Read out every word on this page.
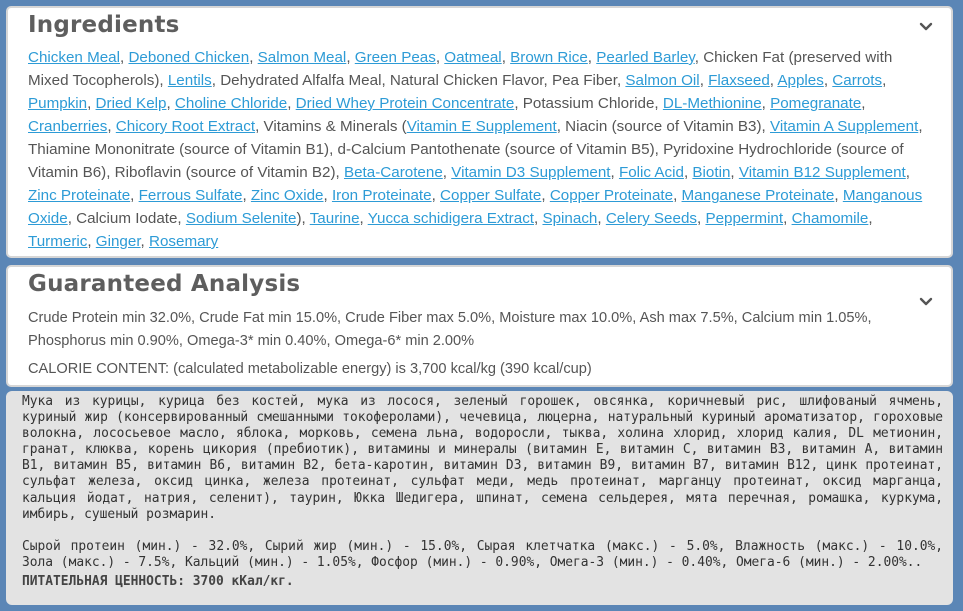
Ingredients
Chicken Meal, Deboned Chicken, Salmon Meal, Green Peas, Oatmeal, Brown Rice, Pearled Barley, Chicken Fat (preserved with Mixed Tocopherols), Lentils, Dehydrated Alfalfa Meal, Natural Chicken Flavor, Pea Fiber, Salmon Oil, Flaxseed, Apples, Carrots, Pumpkin, Dried Kelp, Choline Chloride, Dried Whey Protein Concentrate, Potassium Chloride, DL-Methionine, Pomegranate, Cranberries, Chicory Root Extract, Vitamins & Minerals (Vitamin E Supplement, Niacin (source of Vitamin B3), Vitamin A Supplement, Thiamine Mononitrate (source of Vitamin B1), d-Calcium Pantothenate (source of Vitamin B5), Pyridoxine Hydrochloride (source of Vitamin B6), Riboflavin (source of Vitamin B2), Beta-Carotene, Vitamin D3 Supplement, Folic Acid, Biotin, Vitamin B12 Supplement, Zinc Proteinate, Ferrous Sulfate, Zinc Oxide, Iron Proteinate, Copper Sulfate, Copper Proteinate, Manganese Proteinate, Manganous Oxide, Calcium Iodate, Sodium Selenite), Taurine, Yucca schidigera Extract, Spinach, Celery Seeds, Peppermint, Chamomile, Turmeric, Ginger, Rosemary
Guaranteed Analysis
Crude Protein min 32.0%, Crude Fat min 15.0%, Crude Fiber max 5.0%, Moisture max 10.0%, Ash max 7.5%, Calcium min 1.05%, Phosphorus min 0.90%, Omega-3* min 0.40%, Omega-6* min 2.00%
CALORIE CONTENT: (calculated metabolizable energy) is 3,700 kcal/kg (390 kcal/cup)

Мука из курицы, курица без костей, мука из лосося, зеленый горошек, овсянка, коричневый рис, шлифованый ячмень, куриный жир (консервированный смешанными токоферолами), чечевица, люцерна, натуральный куриный ароматизатор, гороховые волокна, лососьевое масло, яблока, морковь, семена льна, водоросли, тыква, холина хлорид, хлорид калия, DL метионин, гранат, клюква, корень цикория (пребиотик), витамины и минералы (витамин Е, витамин С, витамин В3, витамин А, витамин В1, витамин В5, витамин В6, витамин В2, бета-каротин, витамин D3, витамин В9, витамин В7, витамин В12, цинк протеинат, сульфат железа, оксид цинка, железа протеинат, сульфат меди, медь протеинат, марганцу протеинат, оксид марганца, кальция йодат, натрия, селенит), таурин, Юкка Шедигера, шпинат, семена сельдерея, мята перечная, ромашка, куркума, имбирь, сушеный розмарин.

Сырой протеин (мин.) - 32.0%, Сырий жир (мин.) - 15.0%, Сырая клетчатка (макс.) - 5.0%, Влажность (макс.) - 10.0%, Зола (макс.) - 7.5%, Кальций (мин.) - 1.05%, Фосфор (мин.) - 0.90%, Омега-3 (мин.) - 0.40%, Омега-6 (мин.) - 2.00%..

ПИТАТЕЛЬНАЯ ЦЕННОСТЬ: 3700 кКал/кг.
